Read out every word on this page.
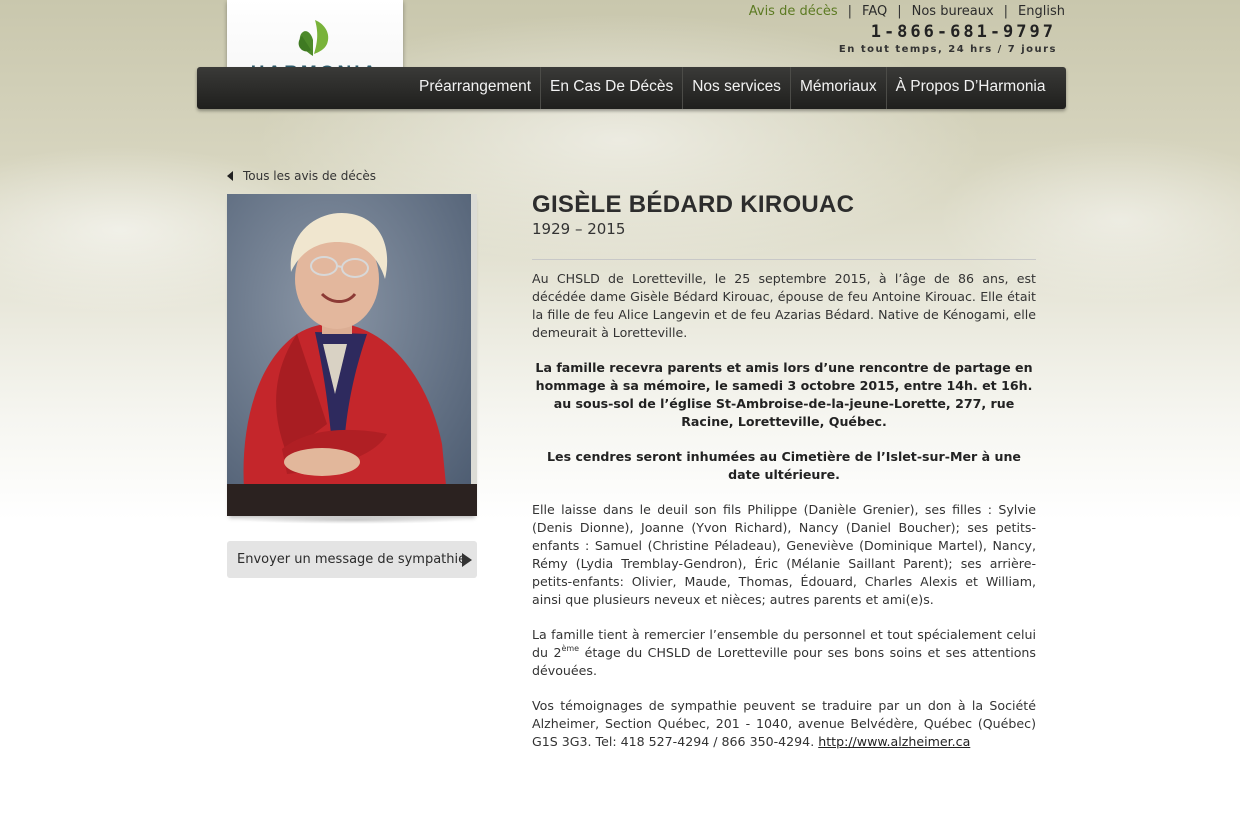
Avis de décès | FAQ | Nos bureaux | English
1-866-681-9797
En tout temps, 24 hrs / 7 jours
Préarrangement	En Cas De Décès	Nos services	Mémoriaux	À Propos D’Harmonia
Tous les avis de décès
Envoyer un message de sympathie
GISÈLE BÉDARD KIROUAC
1929 – 2015

Au CHSLD de Loretteville, le 25 septembre 2015, à l’âge de 86 ans, est décédée dame Gisèle Bédard Kirouac, épouse de feu Antoine Kirouac. Elle était la fille de feu Alice Langevin et de feu Azarias Bédard. Native de Kénogami, elle demeurait à Loretteville.

La famille recevra parents et amis lors d’une rencontre de partage en hommage à sa mémoire, le samedi 3 octobre 2015, entre 14h. et 16h. au sous-sol de l’église St-Ambroise-de-la-jeune-Lorette, 277, rue Racine, Loretteville, Québec.

Les cendres seront inhumées au Cimetière de l’Islet-sur-Mer à une date ultérieure.

Elle laisse dans le deuil son fils Philippe (Danièle Grenier), ses filles : Sylvie (Denis Dionne), Joanne (Yvon Richard), Nancy (Daniel Boucher); ses petits-enfants : Samuel (Christine Péladeau), Geneviève (Dominique Martel), Nancy, Rémy (Lydia Tremblay-Gendron), Éric (Mélanie Saillant Parent); ses arrière-petits-enfants: Olivier, Maude, Thomas, Édouard, Charles Alexis et William, ainsi que plusieurs neveux et nièces; autres parents et ami(e)s.

La famille tient à remercier l’ensemble du personnel et tout spécialement celui du 2ème étage du CHSLD de Loretteville pour ses bons soins et ses attentions dévouées.

Vos témoignages de sympathie peuvent se traduire par un don à la Société Alzheimer, Section Québec, 201 - 1040, avenue Belvédère, Québec (Québec) G1S 3G3. Tel: 418 527-4294 / 866 350-4294. http://www.alzheimer.ca
